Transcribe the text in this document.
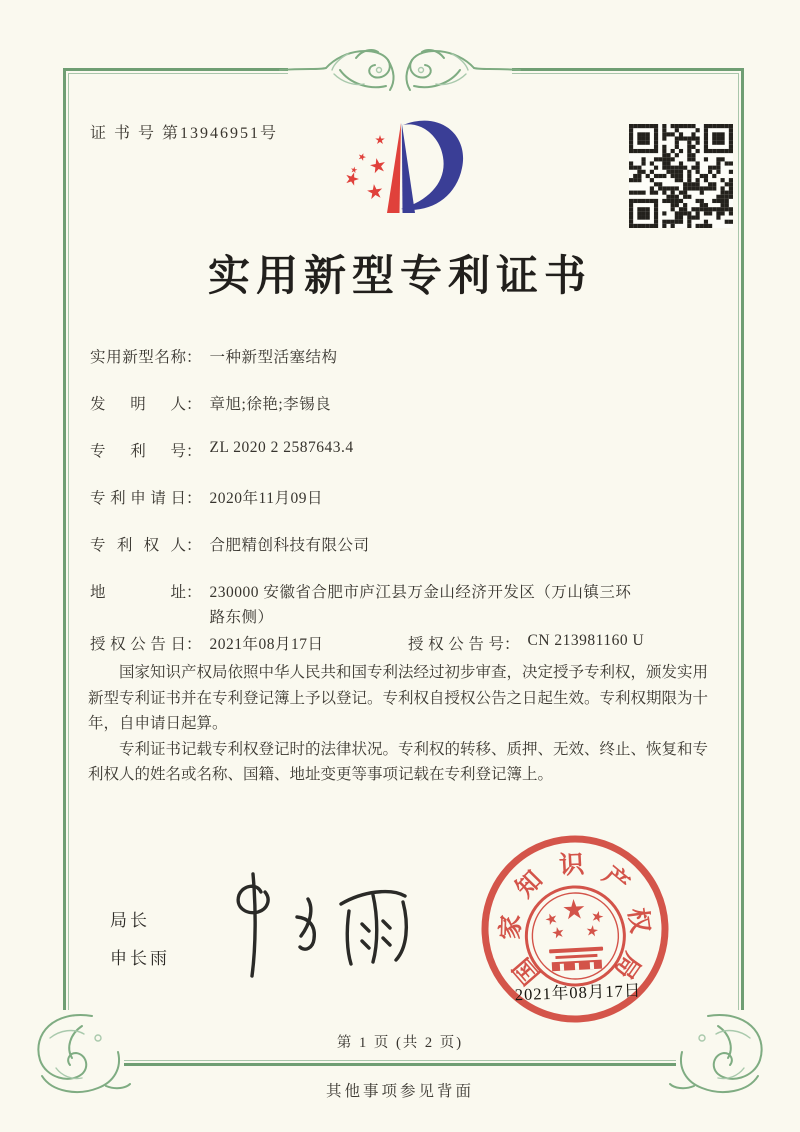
证 书 号 第13946951号
实用新型专利证书
实用新型名称： 一种新型活塞结构
发明人： 章旭;徐艳;李锡良
专利号： ZL 2020 2 2587643.4
专利申请日： 2020年11月09日
专利权人： 合肥精创科技有限公司
地址： 230000 安徽省合肥市庐江县万金山经济开发区（万山镇三环路东侧）
授权公告日： 2021年08月17日	授权公告号： CN 213981160 U

国家知识产权局依照中华人民共和国专利法经过初步审查，决定授予专利权，颁发实用新型专利证书并在专利登记簿上予以登记。专利权自授权公告之日起生效。专利权期限为十年，自申请日起算。

专利证书记载专利权登记时的法律状况。专利权的转移、质押、无效、终止、恢复和专利权人的姓名或名称、国籍、地址变更等事项记载在专利登记簿上。

局长
申长雨	国
家
知
识 产
权
局
2021年08月17日
第 1 页 (共 2 页)
其他事项参见背面
